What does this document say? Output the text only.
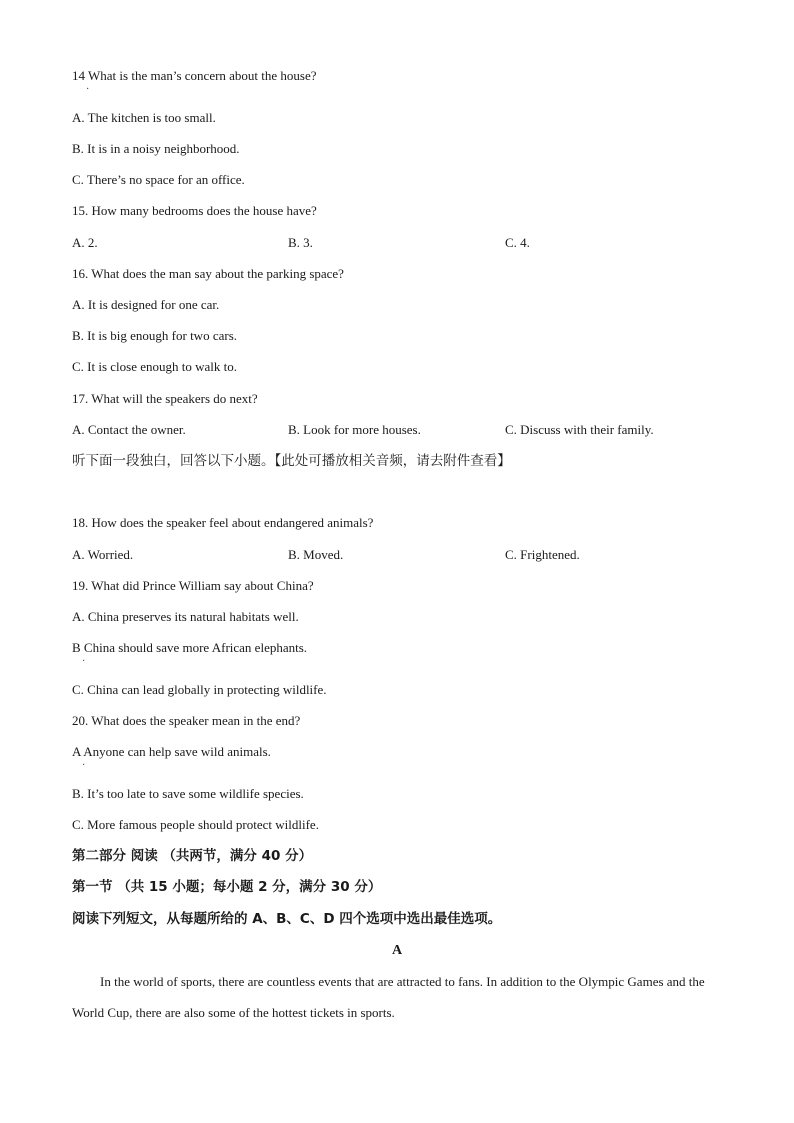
14 What is the man’s concern about the house?
·
A. The kitchen is too small.
B. It is in a noisy neighborhood.
C. There’s no space for an office.
15. How many bedrooms does the house have?
A. 2.	B. 3.	C. 4.
16. What does the man say about the parking space?
A. It is designed for one car.
B. It is big enough for two cars.
C. It is close enough to walk to.
17. What will the speakers do next?
A. Contact the owner.	B. Look for more houses.	C. Discuss with their family.
听下面一段独白，回答以下小题。【此处可播放相关音频，请去附件查看】
18. How does the speaker feel about endangered animals?
A. Worried.	B. Moved.	C. Frightened.
19. What did Prince William say about China?
A. China preserves its natural habitats well.
B China should save more African elephants.
·
C. China can lead globally in protecting wildlife.
20. What does the speaker mean in the end?
A Anyone can help save wild animals.
·
B. It’s too late to save some wildlife species.
C. More famous people should protect wildlife.
第二部分 阅读 （共两节，满分 40 分）
第一节 （共 15 小题；每小题 2 分，满分 30 分）
阅读下列短文，从每题所给的 A、B、C、D 四个选项中选出最佳选项。
A
In the world of sports, there are countless events that are attracted to fans. In addition to the Olympic Games and the World Cup, there are also some of the hottest tickets in sports.
